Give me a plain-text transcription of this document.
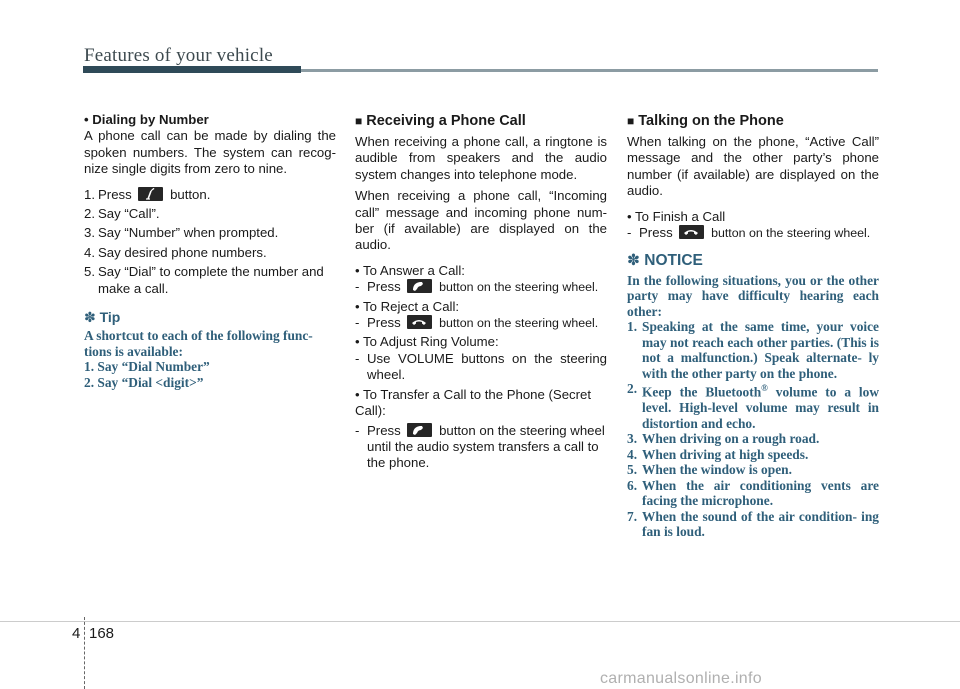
Features of your vehicle

• Dialing by Number

A phone call can be made by dialing the spoken numbers. The system can recog- nize single digits from zero to nine.

1. Press	button.
2. Say “Call”.
3. Say “Number” when prompted.
4. Say desired phone numbers.
5. Say “Dial” to complete the number and make a call.
✽ Tip
A shortcut to each of the following func- tions is available:
1. Say “Dial Number”
2. Say “Dial <digit>”
■ Receiving a Phone Call

When receiving a phone call, a ringtone is audible from speakers and the audio system changes into telephone mode.

When receiving a phone call, “Incoming call” message and incoming phone num- ber (if available) are displayed on the audio.

• To Answer a Call:

- Press	button on the steering wheel.

• To Reject a Call:

- Press	button on the steering wheel.

• To Adjust Ring Volume:

- Use VOLUME buttons on the steering wheel.
• To Transfer a Call to the Phone (Secret Call):
- Press	button on the steering wheel until the audio system transfers a call to the phone.
■ Talking on the Phone

When talking on the phone, “Active Call” message and the other party’s phone number (if available) are displayed on the audio.

• To Finish a Call

- Press	button on the steering wheel.
✽ NOTICE
In the following situations, you or the other party may have difficulty hearing each other:
1. Speaking at the same time, your voice may not reach each other parties. (This is not a malfunction.) Speak alternate- ly with the other party on the phone.
2. Keep the Bluetooth® volume to a low level. High-level volume may result in distortion and echo.
3. When driving on a rough road.
4. When driving at high speeds.
5. When the window is open.
6. When the air conditioning vents are facing the microphone.
7. When the sound of the air condition- ing fan is loud.
4 168
carmanualsonline.info
